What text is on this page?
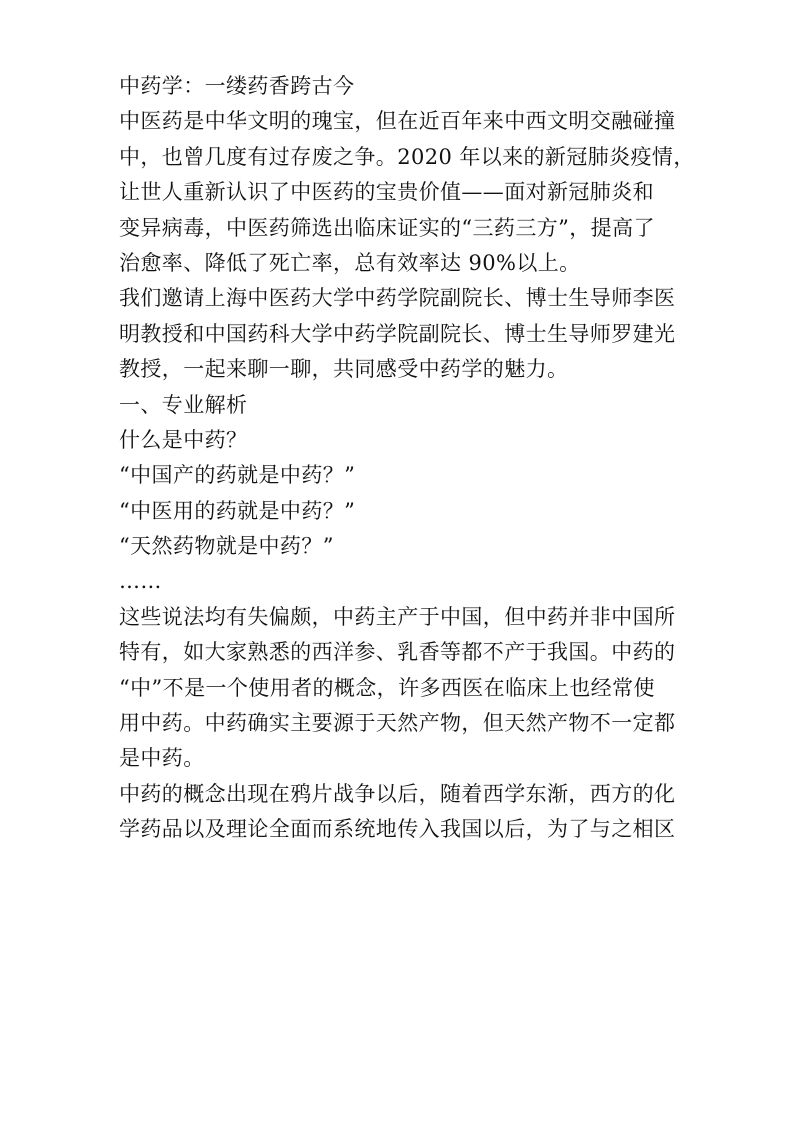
中药学：一缕药香跨古今
中医药是中华文明的瑰宝，但在近百年来中西文明交融碰撞
中，也曾几度有过存废之争。2020 年以来的新冠肺炎疫情，
让世人重新认识了中医药的宝贵价值——面对新冠肺炎和
变异病毒，中医药筛选出临床证实的“三药三方”，提高了
治愈率、降低了死亡率，总有效率达 90%以上。
我们邀请上海中医药大学中药学院副院长、博士生导师李医
明教授和中国药科大学中药学院副院长、博士生导师罗建光
教授，一起来聊一聊，共同感受中药学的魅力。
一、专业解析
什么是中药？
“中国产的药就是中药？”
“中医用的药就是中药？”
“天然药物就是中药？”
……
这些说法均有失偏颇，中药主产于中国，但中药并非中国所
特有，如大家熟悉的西洋参、乳香等都不产于我国。中药的
“中”不是一个使用者的概念，许多西医在临床上也经常使
用中药。中药确实主要源于天然产物，但天然产物不一定都
是中药。
中药的概念出现在鸦片战争以后，随着西学东渐，西方的化
学药品以及理论全面而系统地传入我国以后，为了与之相区
